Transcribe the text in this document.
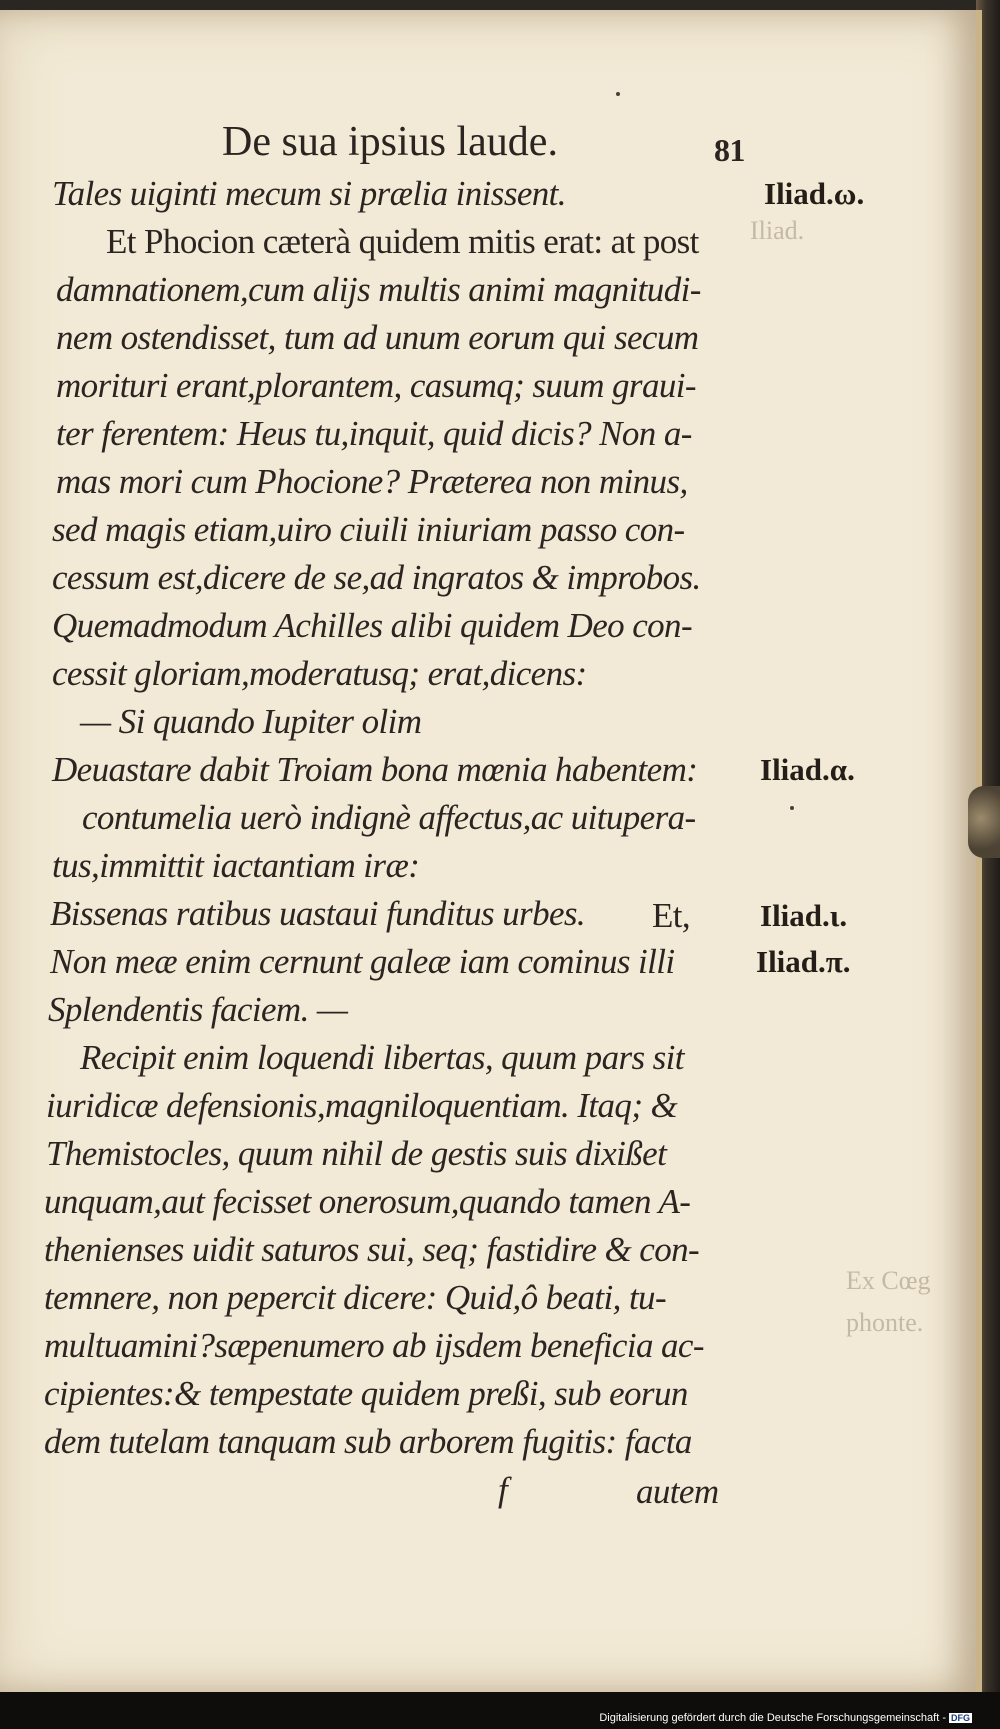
De sua ipsius laude.	81
Tales uiginti mecum si prælia inissent.
Et Phocion cæterà quidem mitis erat: at post
damnationem,cum alijs multis animi magnitudi-
nem ostendisset, tum ad unum eorum qui secum
morituri erant,plorantem, casumq; suum graui-
ter ferentem: Heus tu,inquit, quid dicis? Non a-
mas mori cum Phocione? Præterea non minus,
sed magis etiam,uiro ciuili iniuriam passo con-
cessum est,dicere de se,ad ingratos & improbos.
Quemadmodum Achilles alibi quidem Deo con-
cessit gloriam,moderatusq; erat,dicens:
— Si quando Iupiter olim
Deuastare dabit Troiam bona mœnia habentem:
contumelia uerò indignè affectus,ac uitupera-
tus,immittit iactantiam iræ:
Bissenas ratibus uastaui funditus urbes. Et,
Non meæ enim cernunt galeæ iam cominus illi
Splendentis faciem. —
Recipit enim loquendi libertas, quum pars sit
iuridicæ defensionis,magniloquentiam. Itaq; &
Themistocles, quum nihil de gestis suis dixißet
unquam,aut fecisset onerosum,quando tamen A-
thenienses uidit saturos sui, seq; fastidire & con-
temnere, non pepercit dicere: Quid,ô beati, tu-
multuamini?sæpenumero ab ijsdem beneficia ac-
cipientes:& tempestate quidem preßi, sub eorun
dem tutelam tanquam sub arborem fugitis: facta
f	autem
Iliad.ω.
Iliad.α.
Iliad.ι.
Iliad.π.
Iliad.
Ex Cœg
phonte.
Digitalisierung gefördert durch die Deutsche Forschungsgemeinschaft - DFG
